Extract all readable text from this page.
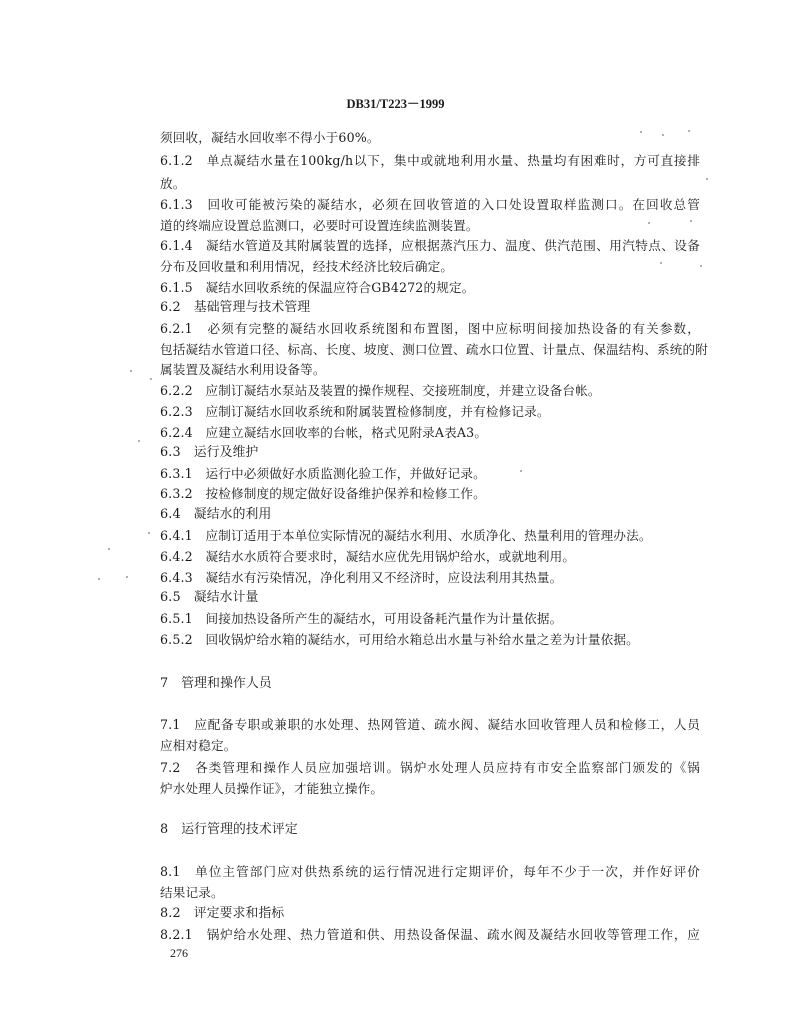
DB31/T223－1999
须回收，凝结水回收率不得小于60%。
6.1.2　单点凝结水量在100kg/h以下，集中或就地利用水量、热量均有困难时，方可直接排
放。
6.1.3　回收可能被污染的凝结水，必须在回收管道的入口处设置取样监测口。在回收总管
道的终端应设置总监测口，必要时可设置连续监测装置。
6.1.4　凝结水管道及其附属装置的选择，应根据蒸汽压力、温度、供汽范围、用汽特点、设备
分布及回收量和利用情况，经技术经济比较后确定。
6.1.5　凝结水回收系统的保温应符合GB4272的规定。
6.2　基础管理与技术管理
6.2.1　必须有完整的凝结水回收系统图和布置图，图中应标明间接加热设备的有关参数，
包括凝结水管道口径、标高、长度、坡度、测口位置、疏水口位置、计量点、保温结构、系统的附
属装置及凝结水利用设备等。
6.2.2　应制订凝结水泵站及装置的操作规程、交接班制度，并建立设备台帐。
6.2.3　应制订凝结水回收系统和附属装置检修制度，并有检修记录。
6.2.4　应建立凝结水回收率的台帐，格式见附录A表A3。
6.3　运行及维护
6.3.1　运行中必须做好水质监测化验工作，并做好记录。
6.3.2　按检修制度的规定做好设备维护保养和检修工作。
6.4　凝结水的利用
6.4.1　应制订适用于本单位实际情况的凝结水利用、水质净化、热量利用的管理办法。
6.4.2　凝结水水质符合要求时，凝结水应优先用锅炉给水，或就地利用。
6.4.3　凝结水有污染情况，净化利用又不经济时，应设法利用其热量。
6.5　凝结水计量
6.5.1　间接加热设备所产生的凝结水，可用设备耗汽量作为计量依据。
6.5.2　回收锅炉给水箱的凝结水，可用给水箱总出水量与补给水量之差为计量依据。
7　管理和操作人员
7.1　应配备专职或兼职的水处理、热网管道、疏水阀、凝结水回收管理人员和检修工，人员
应相对稳定。
7.2　各类管理和操作人员应加强培训。锅炉水处理人员应持有市安全监察部门颁发的《锅
炉水处理人员操作证》，才能独立操作。
8　运行管理的技术评定
8.1　单位主管部门应对供热系统的运行情况进行定期评价，每年不少于一次，并作好评价
结果记录。
8.2　评定要求和指标
8.2.1　锅炉给水处理、热力管道和供、用热设备保温、疏水阀及凝结水回收等管理工作，应
276
